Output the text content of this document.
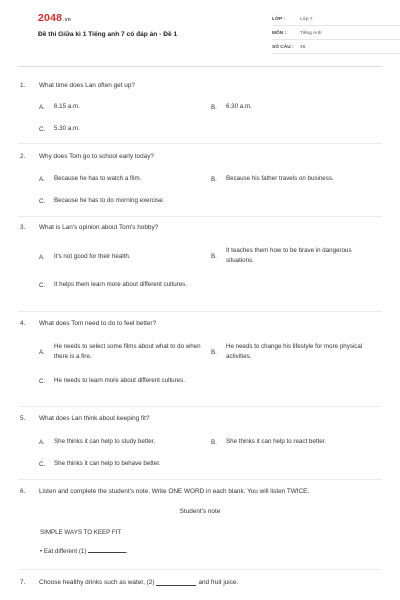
2048.vn
Đề thi Giữa kì 1 Tiếng anh 7 có đáp án - Đề 1
LỚP :	Lớp 7
MÔN :	Tiếng Anh
SỐ CÂU :	46
1.	What time does Lan often get up?
A.	6.15 a.m.	B.	6.30 a.m.
C.	5.30 a.m.
2.	Why does Tom go to school early today?
A.	Because he has to watch a film.	B.	Because his father travels on business.
C.	Because he has to do morning exercise.
3.	What is Lan's opinion about Tom's hobby?
A.	It's not good for their health.	B.
It teaches them how to be brave in dangerous situations.
C.	It helps them learn more about different cultures.
4.	What does Tom need to do to feel better?
A.
He needs to select some films about what to do when there is a fire.
B.
He needs to change his lifestyle for more physical activities.
C.	He needs to learn more about different cultures.
5.	What does Lan think about keeping fit?
A.	She thinks it can help to study better.	B.	She thinks it can help to react better.
C.	She thinks it can help to behave better.
6.	Listen and complete the student's note. Write ONE WORD in each blank. You will listen TWICE.
Student's note
SIMPLE WAYS TO KEEP FIT
• Eat different (1)	.
7.	Choose healthy drinks such as water, (2)	and fruit juice.
